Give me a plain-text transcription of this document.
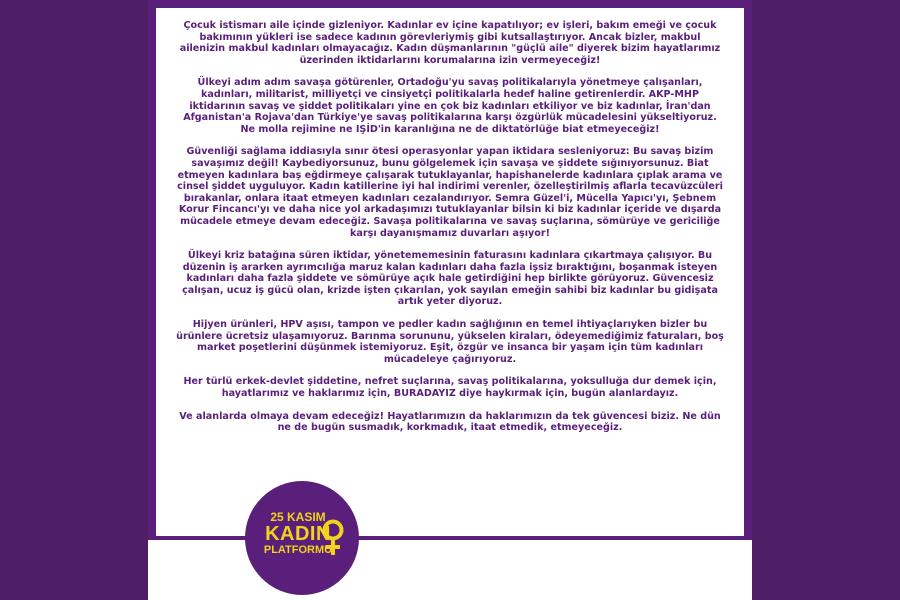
Çocuk istismarı aile içinde gizleniyor. Kadınlar ev içine kapatılıyor; ev işleri, bakım emeği ve çocuk bakımının yükleri ise sadece kadının görevleriymiş gibi kutsallaştırıyor. Ancak bizler, makbul ailenizin makbul kadınları olmayacağız. Kadın düşmanlarının "güçlü aile" diyerek bizim hayatlarımız üzerinden iktidarlarını korumalarına izin vermeyeceğiz!

Ülkeyi adım adım savaşa götürenler, Ortadoğu'yu savaş politikalarıyla yönetmeye çalışanları, kadınları, militarist, milliyetçi ve cinsiyetçi politikalarla hedef haline getirenlerdir. AKP-MHP iktidarının savaş ve şiddet politikaları yine en çok biz kadınları etkiliyor ve biz kadınlar, İran'dan Afganistan'a Rojava'dan Türkiye'ye savaş politikalarına karşı özgürlük mücadelesini yükseltiyoruz. Ne molla rejimine ne IŞİD'in karanlığına ne de diktatörlüğe biat etmeyeceğiz!

Güvenliği sağlama iddiasıyla sınır ötesi operasyonlar yapan iktidara sesleniyoruz: Bu savaş bizim savaşımız değil! Kaybediyorsunuz, bunu gölgelemek için savaşa ve şiddete sığınıyorsunuz. Biat etmeyen kadınlara baş eğdirmeye çalışarak tutuklayanlar, hapishanelerde kadınlara çıplak arama ve cinsel şiddet uyguluyor. Kadın katillerine iyi hal indirimi verenler, özelleştirilmiş aflarla tecavüzcüleri bırakanlar, onlara itaat etmeyen kadınları cezalandırıyor. Semra Güzel'i, Mücella Yapıcı'yı, Şebnem Korur Fincancı'yı ve daha nice yol arkadaşımızı tutuklayanlar bilsin ki biz kadınlar içeride ve dışarda mücadele etmeye devam edeceğiz. Savaşa politikalarına ve savaş suçlarına, sömürüye ve gericiliğe karşı dayanışmamız duvarları aşıyor!

Ülkeyi kriz batağına süren iktidar, yönetememesinin faturasını kadınlara çıkartmaya çalışıyor. Bu düzenin iş ararken ayrımcılığa maruz kalan kadınları daha fazla işsiz bıraktığını, boşanmak isteyen kadınları daha fazla şiddete ve sömürüye açık hale getirdiğini hep birlikte görüyoruz. Güvencesiz çalışan, ucuz iş gücü olan, krizde işten çıkarılan, yok sayılan emeğin sahibi biz kadınlar bu gidişata artık yeter diyoruz.

Hijyen ürünleri, HPV aşısı, tampon ve pedler kadın sağlığının en temel ihtiyaçlarıyken bizler bu ürünlere ücretsiz ulaşamıyoruz. Barınma sorununu, yükselen kiraları, ödeyemediğimiz faturaları, boş market poşetlerini düşünmek istemiyoruz. Eşit, özgür ve insanca bir yaşam için tüm kadınları mücadeleye çağırıyoruz.

Her türlü erkek-devlet şiddetine, nefret suçlarına, savaş politikalarına, yoksulluğa dur demek için, hayatlarımız ve haklarımız için, BURADAYIZ diye haykırmak için, bugün alanlardayız.

Ve alanlarda olmaya devam edeceğiz! Hayatlarımızın da haklarımızın da tek güvencesi biziz. Ne dün ne de bugün susmadık, korkmadık, itaat etmedik, etmeyeceğiz.

25 KASIM
KADIN
PLATFORMU
